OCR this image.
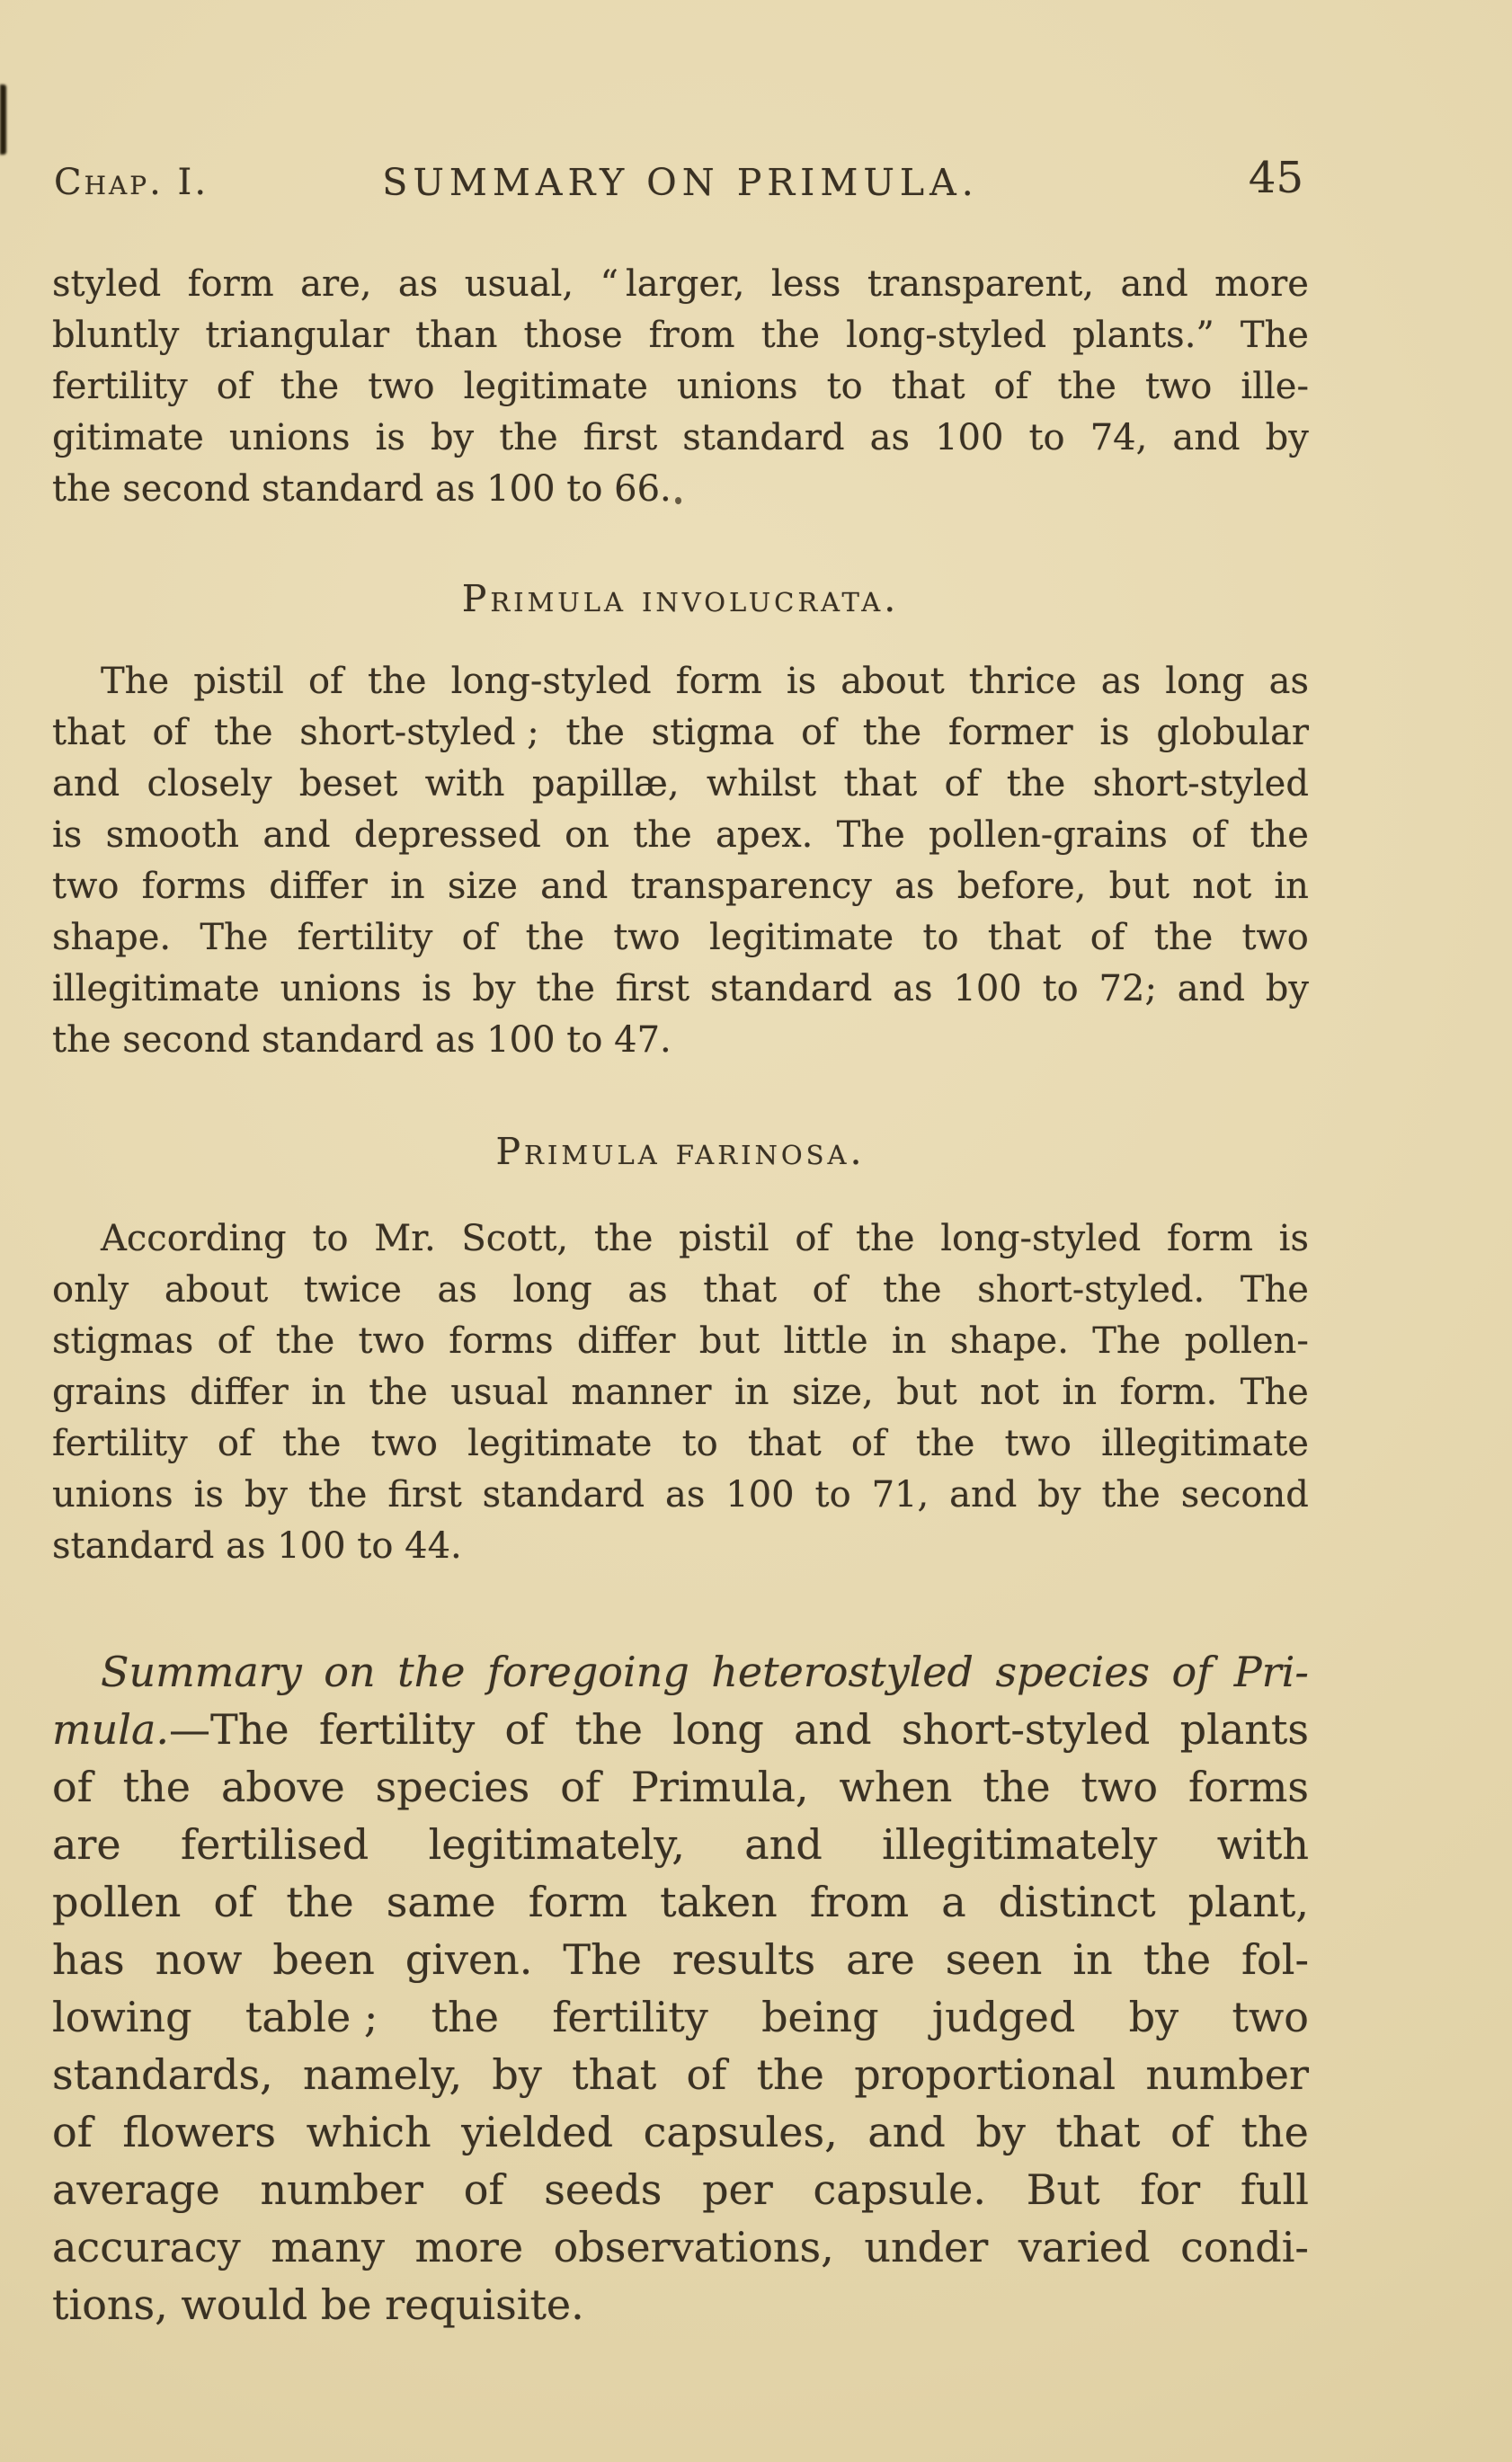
Chap. I.	SUMMARY ON PRIMULA.	45
styled form are, as usual, “ larger, less transparent, and more
bluntly triangular than those from the long-styled plants.” The
fertility of the two legitimate unions to that of the two ille-
gitimate unions is by the first standard as 100 to 74, and by
the second standard as 100 to 66.
Primula involucrata.
The pistil of the long-styled form is about thrice as long as
that of the short-styled ; the stigma of the former is globular
and closely beset with papillæ, whilst that of the short-styled
is smooth and depressed on the apex. The pollen-grains of the
two forms differ in size and transparency as before, but not in
shape. The fertility of the two legitimate to that of the two
illegitimate unions is by the first standard as 100 to 72; and by
the second standard as 100 to 47.
Primula farinosa.
According to Mr. Scott, the pistil of the long-styled form is
only about twice as long as that of the short-styled. The
stigmas of the two forms differ but little in shape. The pollen-
grains differ in the usual manner in size, but not in form. The
fertility of the two legitimate to that of the two illegitimate
unions is by the first standard as 100 to 71, and by the second
standard as 100 to 44.
Summary on the foregoing heterostyled species of Pri-
mula.—The fertility of the long and short-styled plants
of the above species of Primula, when the two forms
are fertilised legitimately, and illegitimately with
pollen of the same form taken from a distinct plant,
has now been given. The results are seen in the fol-
lowing table ; the fertility being judged by two
standards, namely, by that of the proportional number
of flowers which yielded capsules, and by that of the
average number of seeds per capsule. But for full
accuracy many more observations, under varied condi-
tions, would be requisite.
